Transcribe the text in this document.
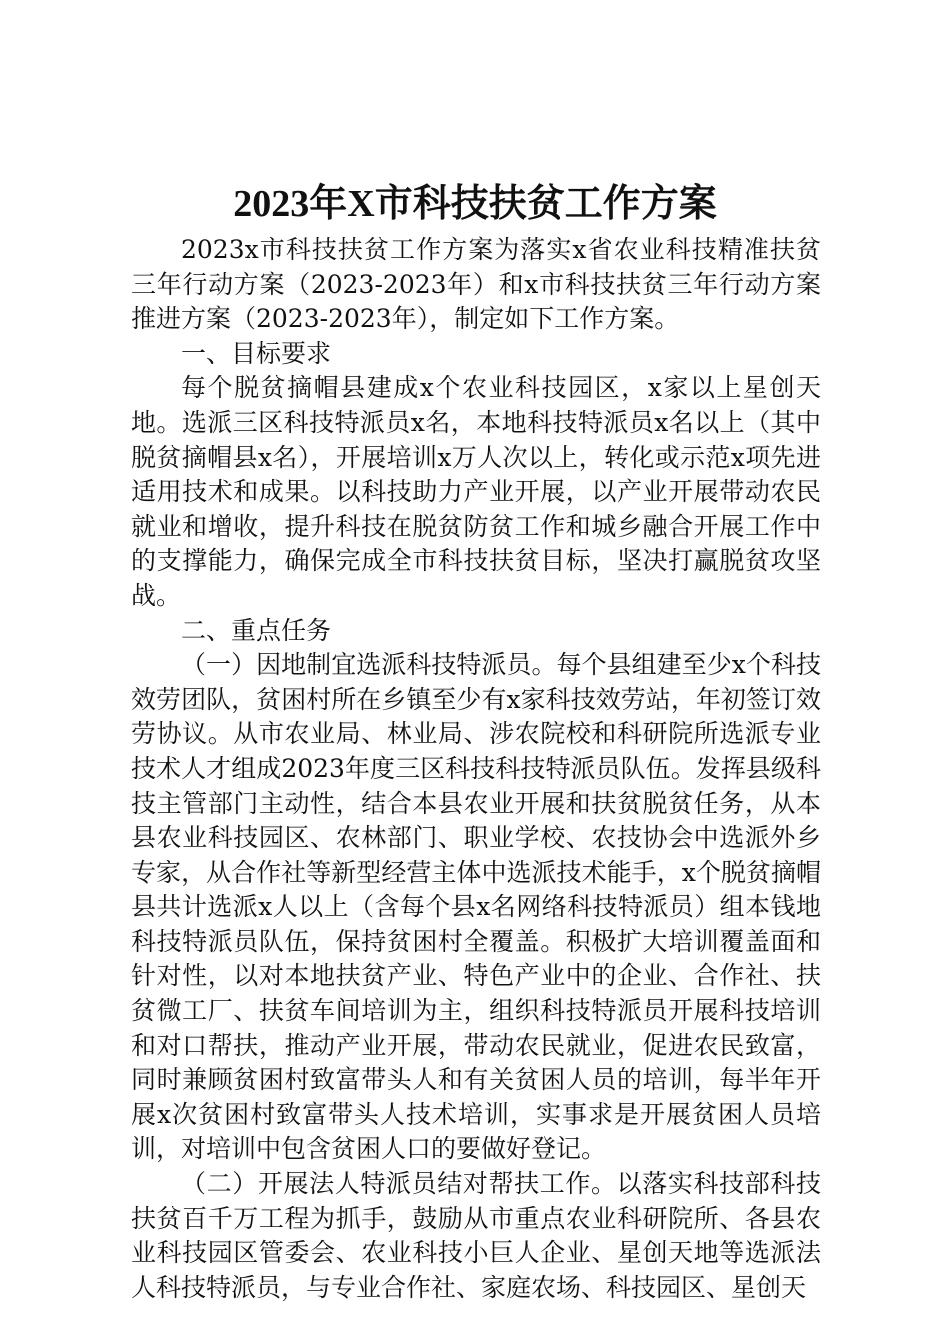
2023年X市科技扶贫工作方案

2023x市科技扶贫工作方案为落实x省农业科技精准扶贫三年行动方案（2023-2023年）和x市科技扶贫三年行动方案推进方案（2023-2023年），制定如下工作方案。

一、目标要求

每个脱贫摘帽县建成x个农业科技园区，x家以上星创天地。选派三区科技特派员x名，本地科技特派员x名以上（其中脱贫摘帽县x名），开展培训x万人次以上，转化或示范x项先进适用技术和成果。以科技助力产业开展，以产业开展带动农民就业和增收，提升科技在脱贫防贫工作和城乡融合开展工作中的支撑能力，确保完成全市科技扶贫目标，坚决打赢脱贫攻坚战。

二、重点任务

（一）因地制宜选派科技特派员。每个县组建至少x个科技效劳团队，贫困村所在乡镇至少有x家科技效劳站，年初签订效劳协议。从市农业局、林业局、涉农院校和科研院所选派专业技术人才组成2023年度三区科技科技特派员队伍。发挥县级科技主管部门主动性，结合本县农业开展和扶贫脱贫任务，从本县农业科技园区、农林部门、职业学校、农技协会中选派外乡专家，从合作社等新型经营主体中选派技术能手，x个脱贫摘帽县共计选派x人以上（含每个县x名网络科技特派员）组本钱地科技特派员队伍，保持贫困村全覆盖。积极扩大培训覆盖面和针对性，以对本地扶贫产业、特色产业中的企业、合作社、扶贫微工厂、扶贫车间培训为主，组织科技特派员开展科技培训和对口帮扶，推动产业开展，带动农民就业，促进农民致富，同时兼顾贫困村致富带头人和有关贫困人员的培训，每半年开展x次贫困村致富带头人技术培训，实事求是开展贫困人员培训，对培训中包含贫困人口的要做好登记。

（二）开展法人特派员结对帮扶工作。以落实科技部科技扶贫百千万工程为抓手，鼓励从市重点农业科研院所、各县农业科技园区管委会、农业科技小巨人企业、星创天地等选派法人科技特派员，与专业合作社、家庭农场、科技园区、星创天
